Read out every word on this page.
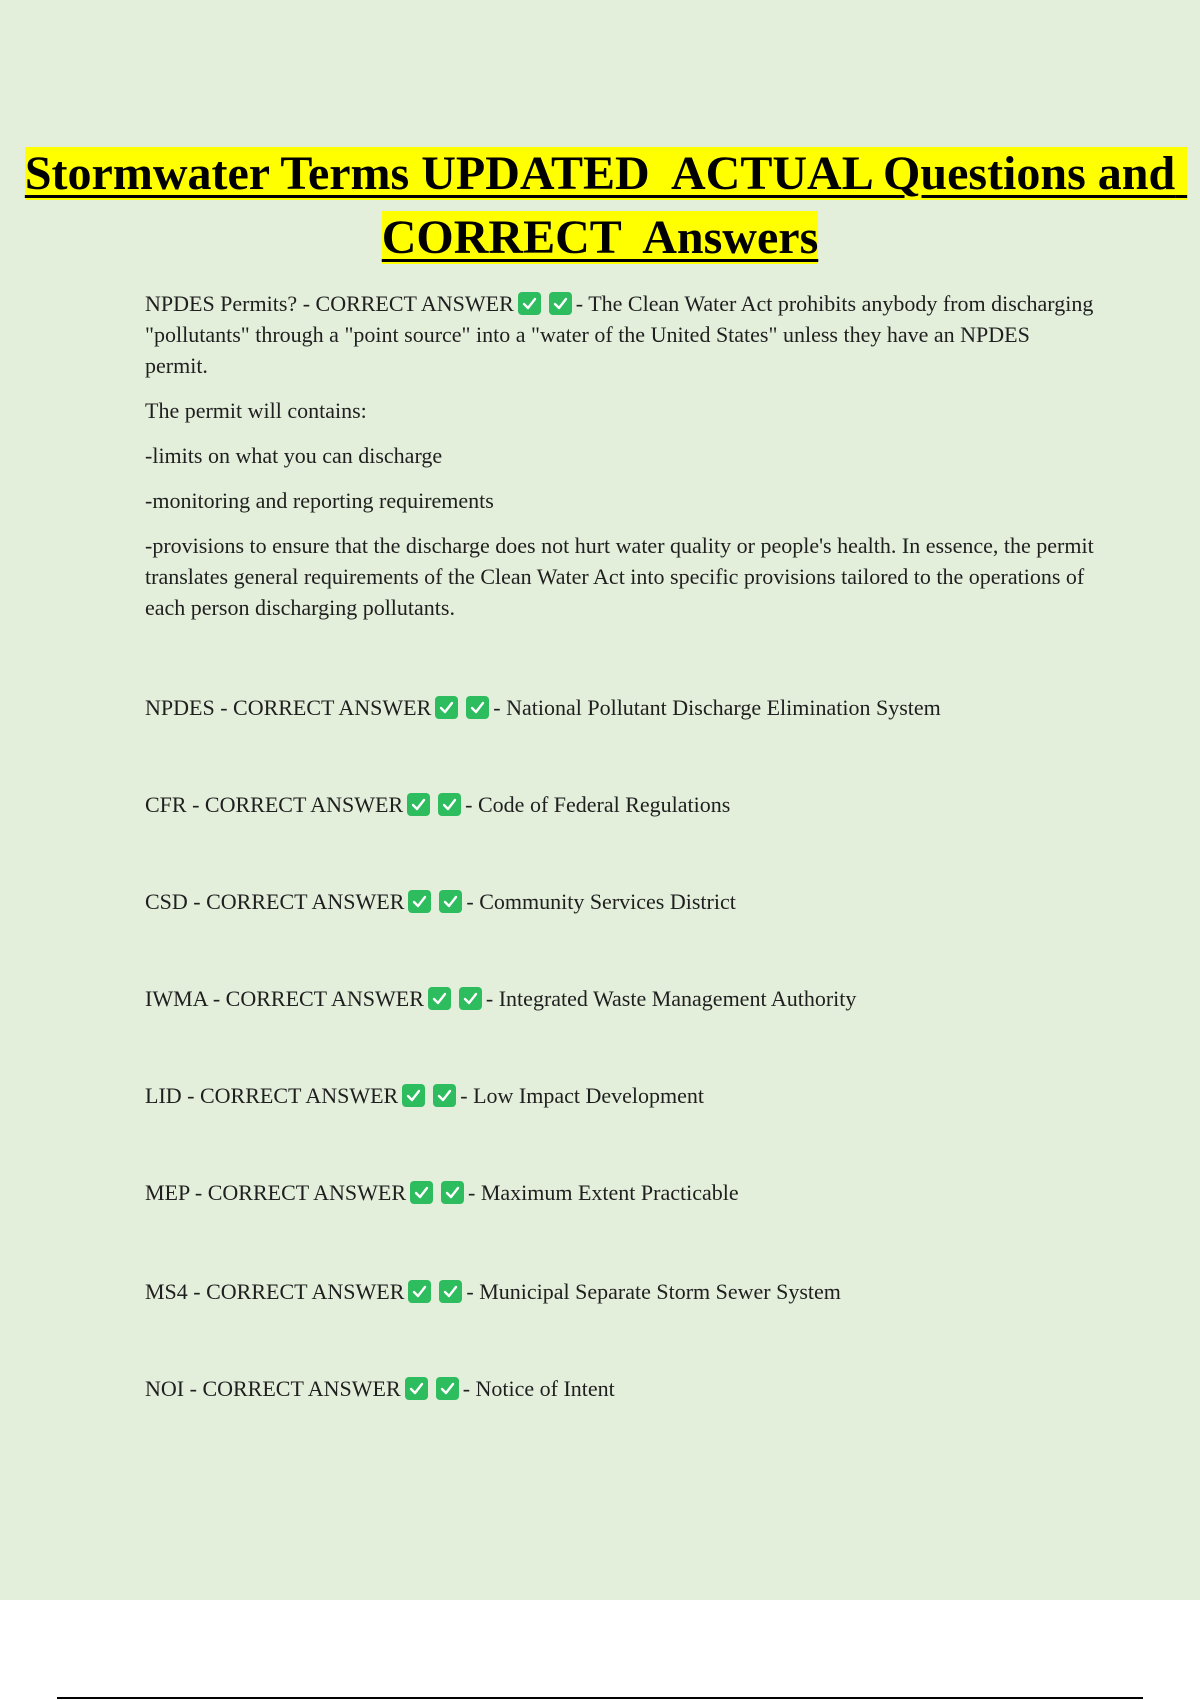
Stormwater Terms UPDATED  ACTUAL Questions and CORRECT  Answers

NPDES Permits? - CORRECT ANSWER	- The Clean Water Act prohibits anybody from discharging "pollutants" through a "point source" into a "water of the United States" unless they have an NPDES permit.

The permit will contains:

-limits on what you can discharge

-monitoring and reporting requirements

-provisions to ensure that the discharge does not hurt water quality or people's health. In essence, the permit translates general requirements of the Clean Water Act into specific provisions tailored to the operations of each person discharging pollutants.

NPDES - CORRECT ANSWER	- National Pollutant Discharge Elimination System
CFR - CORRECT ANSWER	- Code of Federal Regulations
CSD - CORRECT ANSWER	- Community Services District
IWMA - CORRECT ANSWER	- Integrated Waste Management Authority
LID - CORRECT ANSWER	- Low Impact Development
MEP - CORRECT ANSWER	- Maximum Extent Practicable
MS4 - CORRECT ANSWER	- Municipal Separate Storm Sewer System
NOI - CORRECT ANSWER	- Notice of Intent
